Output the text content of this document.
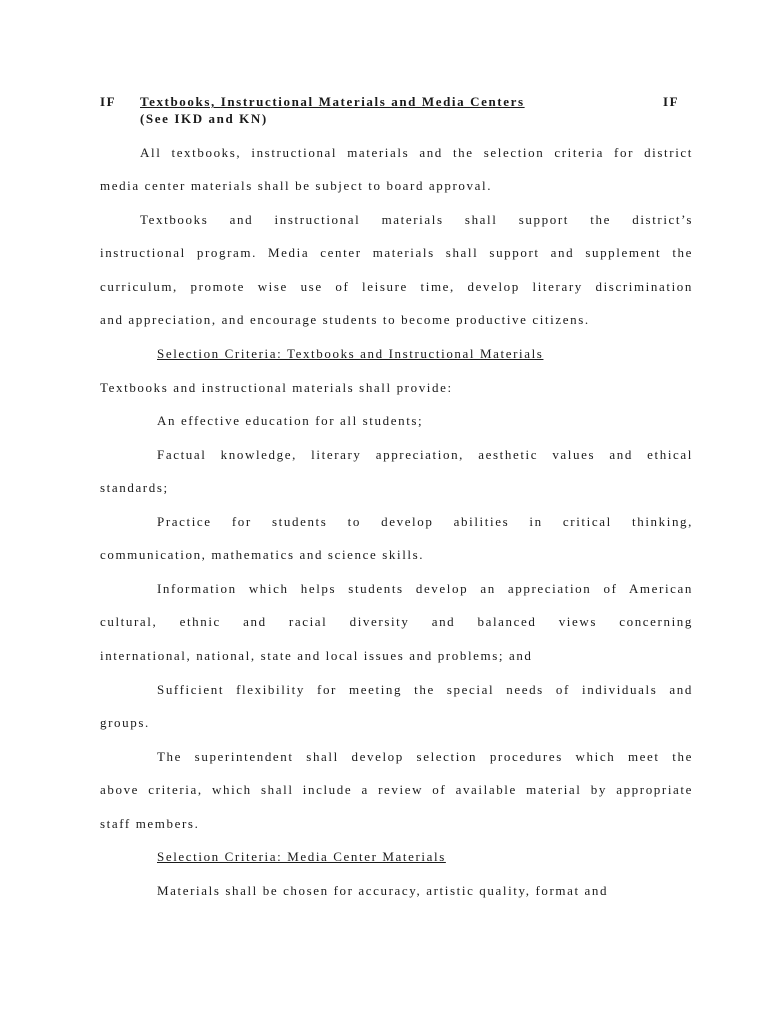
IF Textbooks, Instructional Materials and Media Centers	IF
(See IKD and KN)
All textbooks, instructional materials and the selection criteria for district
media center materials shall be subject to board approval.
Textbooks and instructional materials shall support the district’s
instructional program. Media center materials shall support and supplement the
curriculum, promote wise use of leisure time, develop literary discrimination
and appreciation, and encourage students to become productive citizens.
Selection Criteria: Textbooks and Instructional Materials
Textbooks and instructional materials shall provide:
An effective education for all students;
Factual knowledge, literary appreciation, aesthetic values and ethical
standards;
Practice for students to develop abilities in critical thinking,
communication, mathematics and science skills.
Information which helps students develop an appreciation of American
cultural, ethnic and racial diversity and balanced views concerning
international, national, state and local issues and problems; and
Sufficient flexibility for meeting the special needs of individuals and
groups.
The superintendent shall develop selection procedures which meet the
above criteria, which shall include a review of available material by appropriate
staff members.
Selection Criteria: Media Center Materials
Materials shall be chosen for accuracy, artistic quality, format and
